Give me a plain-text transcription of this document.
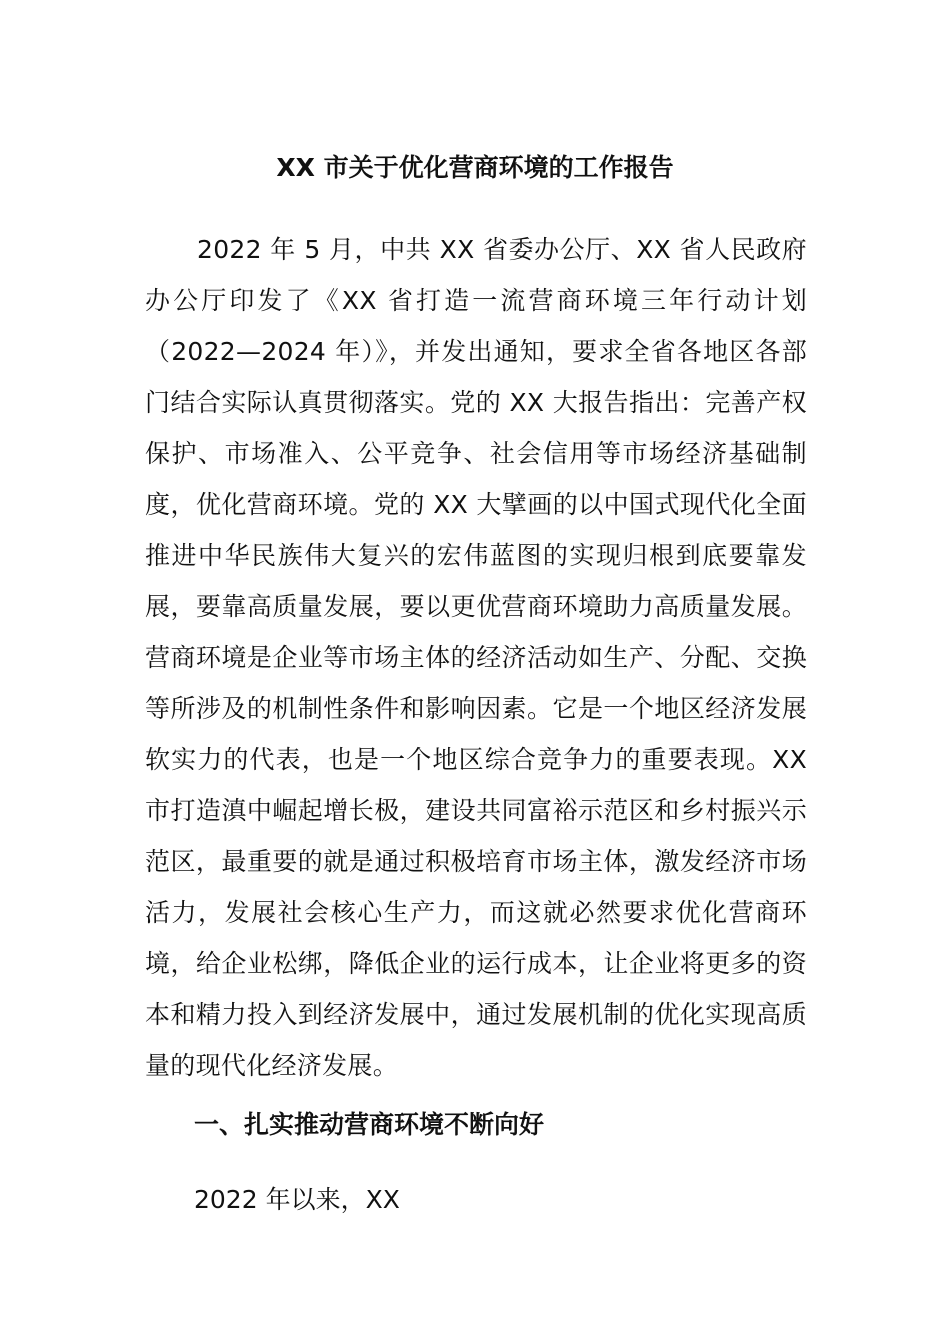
XX 市关于优化营商环境的工作报告

2022 年 5 月，中共 XX 省委办公厅、XX 省人民政府办公厅印发了《XX 省打造一流营商环境三年行动计划（2022—2024 年）》，并发出通知，要求全省各地区各部门结合实际认真贯彻落实。党的 XX 大报告指出：完善产权保护、市场准入、公平竞争、社会信用等市场经济基础制度，优化营商环境。党的 XX 大擘画的以中国式现代化全面推进中华民族伟大复兴的宏伟蓝图的实现归根到底要靠发展，要靠高质量发展，要以更优营商环境助力高质量发展。营商环境是企业等市场主体的经济活动如生产、分配、交换等所涉及的机制性条件和影响因素。它是一个地区经济发展软实力的代表，也是一个地区综合竞争力的重要表现。XX 市打造滇中崛起增长极，建设共同富裕示范区和乡村振兴示范区，最重要的就是通过积极培育市场主体，激发经济市场活力，发展社会核心生产力，而这就必然要求优化营商环境，给企业松绑，降低企业的运行成本，让企业将更多的资本和精力投入到经济发展中，通过发展机制的优化实现高质量的现代化经济发展。

一、扎实推动营商环境不断向好

2022 年以来，XX
